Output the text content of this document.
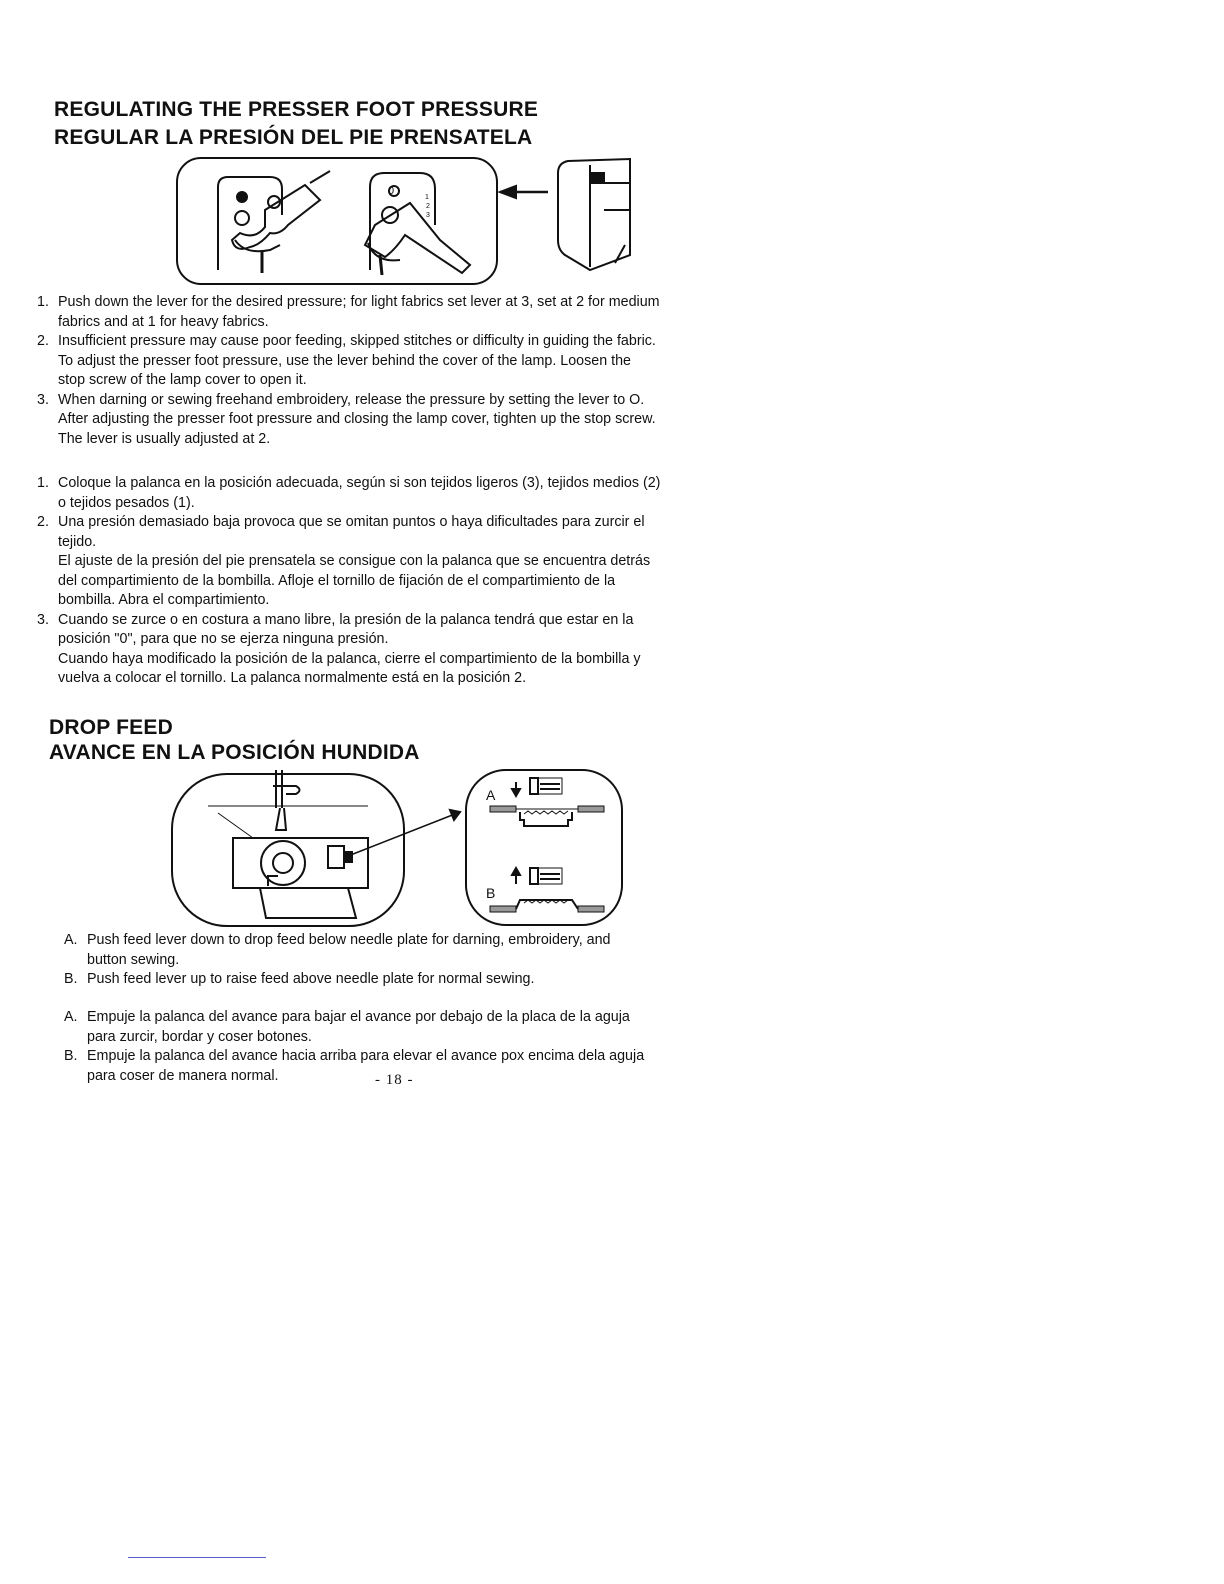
REGULATING THE PRESSER FOOT PRESSURE
REGULAR LA PRESIÓN DEL PIE PRENSATELA
0
1
2
3
1. Push down the lever for the desired pressure; for light fabrics set lever at 3, set at 2 for medium
fabrics and at 1 for heavy fabrics.
2. Insufficient pressure may cause poor feeding, skipped stitches or difficulty in guiding the fabric.
To adjust the presser foot pressure, use the lever behind the cover of the lamp. Loosen the
stop screw of the lamp cover to open it.
3. When darning or sewing freehand embroidery, release the pressure by setting the lever to O.
After adjusting the presser foot pressure and closing the lamp cover, tighten up the stop screw.
The lever is usually adjusted at 2.
1. Coloque la palanca en la posición adecuada, según si son tejidos ligeros (3), tejidos medios (2)
o tejidos pesados (1).
2. Una presión demasiado baja provoca que se omitan puntos o haya dificultades para zurcir el
tejido.
El ajuste de la presión del pie prensatela se consigue con la palanca que se encuentra detrás
del compartimiento de la bombilla. Afloje el tornillo de fijación de el compartimiento de la
bombilla. Abra el compartimiento.
3. Cuando se zurce o en costura a mano libre, la presión de la palanca tendrá que estar en la
posición "0", para que no se ejerza ninguna presión.
Cuando haya modificado la posición de la palanca, cierre el compartimiento de la bombilla y
vuelva a colocar el tornillo. La palanca normalmente está en la posición 2.
DROP FEED
AVANCE EN LA POSICIÓN HUNDIDA
A
B
A. Push feed lever down to drop feed below needle plate for darning, embroidery, and
button sewing.
B. Push feed lever up to raise feed above needle plate for normal sewing.
A. Empuje la palanca del avance para bajar el avance por debajo de la placa de la aguja
para zurcir, bordar y coser botones.
B. Empuje la palanca del avance hacia arriba para elevar el avance pox encima dela aguja
para coser de manera normal.	- 18 -
